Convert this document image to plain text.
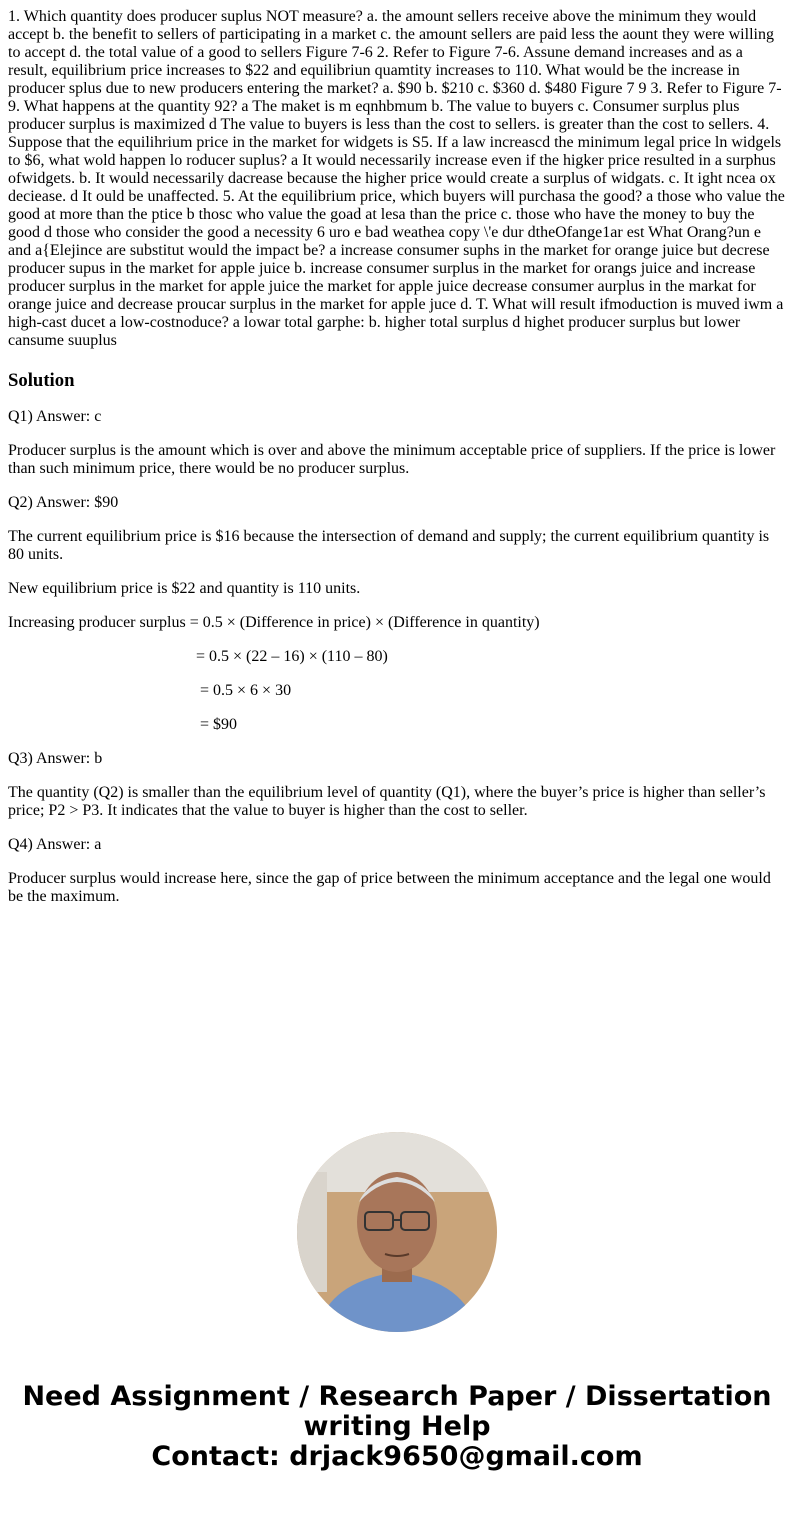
1. Which quantity does producer suplus NOT measure? a. the amount sellers receive above the minimum they would accept b. the benefit to sellers of participating in a market c. the amount sellers are paid less the aount they were willing to accept d. the total value of a good to sellers Figure 7-6 2. Refer to Figure 7-6. Assune demand increases and as a result, equilibrium price increases to $22 and equilibriun quamtity increases to 110. What would be the increase in producer splus due to new producers entering the market? a. $90 b. $210 c. $360 d. $480 Figure 7 9 3. Refer to Figure 7-9. What happens at the quantity 92? a The maket is m eqnhbmum b. The value to buyers c. Consumer surplus plus producer surplus is maximized d The value to buyers is less than the cost to sellers. is greater than the cost to sellers. 4. Suppose that the equilihrium price in the market for widgets is S5. If a law increascd the minimum legal price ln widgels to $6, what wold happen lo roducer suplus? a It would necessarily increase even if the higker price resulted in a surphus ofwidgets. b. It would necessarily dacrease because the higher price would create a surplus of widgats. c. It ight ncea ox deciease. d It ould be unaffected. 5. At the equilibrium price, which buyers will purchasa the good? a those who value the good at more than the ptice b thosc who value the goad at lesa than the price c. those who have the money to buy the good d those who consider the good a necessity 6 uro e bad weathea copy \'e dur dtheOfange1ar est What Orang?un e and a{Elejince are substitut would the impact be? a increase consumer suphs in the market for orange juice but decrese producer supus in the market for apple juice b. increase consumer surplus in the market for orangs juice and increase producer surplus in the market for apple juice the market for apple juice decrease consumer aurplus in the markat for orange juice and decrease proucar surplus in the market for apple juce d. T. What will result ifmoduction is muved iwm a high-cast ducet a low-costnoduce? a lowar total garphe: b. higher total surplus d highet producer surplus but lower cansume suuplus

Solution

Q1) Answer: c

Producer surplus is the amount which is over and above the minimum acceptable price of suppliers. If the price is lower than such minimum price, there would be no producer surplus.

Q2) Answer: $90

The current equilibrium price is $16 because the intersection of demand and supply; the current equilibrium quantity is 80 units.

New equilibrium price is $22 and quantity is 110 units.

Increasing producer surplus = 0.5 × (Difference in price) × (Difference in quantity)

= 0.5 × (22 – 16) × (110 – 80)

= 0.5 × 6 × 30

= $90

Q3) Answer: b

The quantity (Q2) is smaller than the equilibrium level of quantity (Q1), where the buyer’s price is higher than seller’s price; P2 > P3. It indicates that the value to buyer is higher than the cost to seller.

Q4) Answer: a

Producer surplus would increase here, since the gap of price between the minimum acceptance and the legal one would be the maximum.

Need Assignment / Research Paper / Dissertation writing Help
Contact: drjack9650@gmail.com
